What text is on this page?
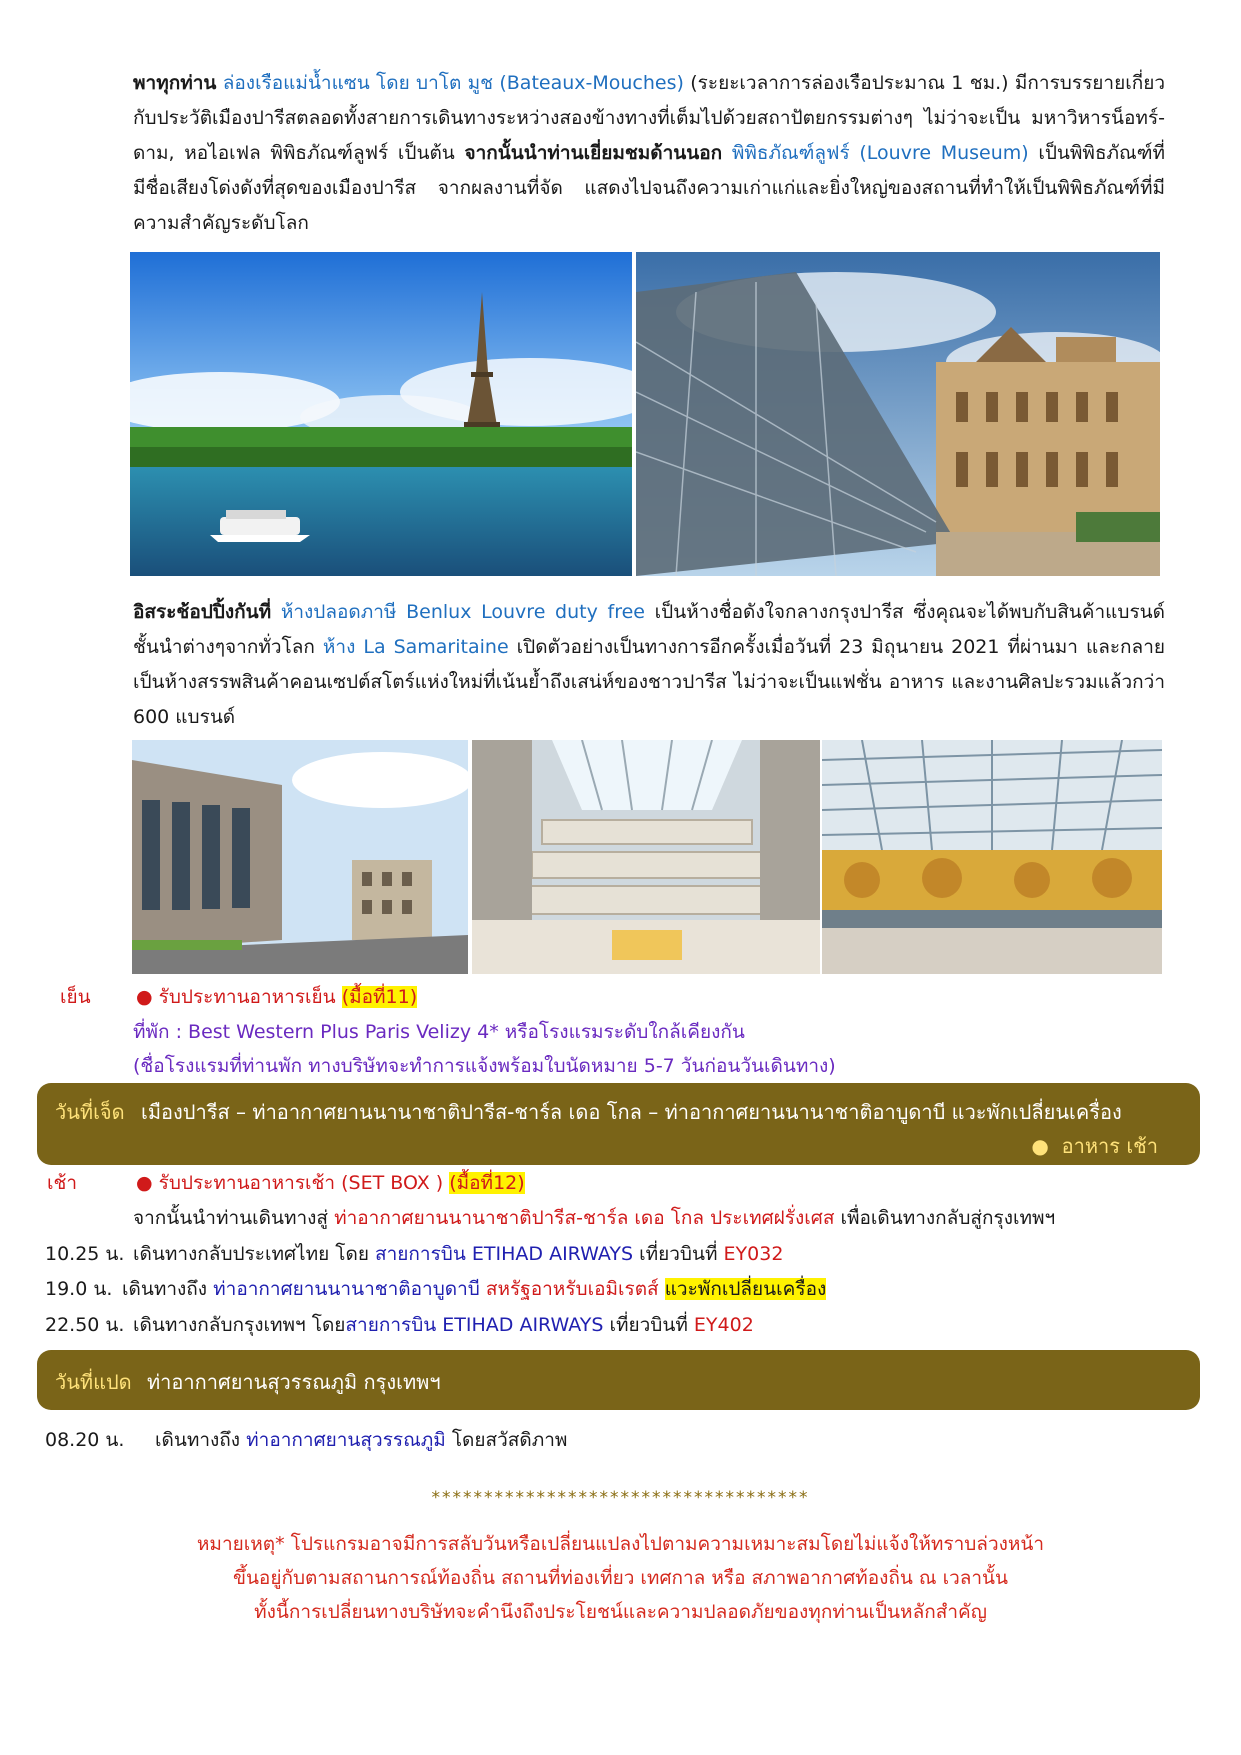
พาทุกท่าน ล่องเรือแม่น้ำแซน โดย บาโต มูช (Bateaux-Mouches) (ระยะเวลาการล่องเรือประมาณ 1 ชม.) มีการบรรยายเกี่ยวกับประวัติเมืองปารีสตลอดทั้งสายการเดินทางระหว่างสองข้างทางที่เต็มไปด้วยสถาปัตยกรรมต่างๆ ไม่ว่าจะเป็น มหาวิหารน็อทร์-ดาม, หอไอเฟล พิพิธภัณฑ์ลูฟร์ เป็นต้น จากนั้นนำท่านเยี่ยมชมด้านนอก พิพิธภัณฑ์ลูฟร์ (Louvre Museum) เป็นพิพิธภัณฑ์ที่มีชื่อเสียงโด่งดังที่สุดของเมืองปารีส จากผลงานที่จัด แสดงไปจนถึงความเก่าแก่และยิ่งใหญ่ของสถานที่ทำให้เป็นพิพิธภัณฑ์ที่มีความสำคัญระดับโลก
อิสระช้อปปิ้งกันที่ ห้างปลอดภาษี Benlux Louvre duty free เป็นห้างชื่อดังใจกลางกรุงปารีส ซึ่งคุณจะได้พบกับสินค้าแบรนด์ชั้นนำต่างๆจากทั่วโลก ห้าง La Samaritaine เปิดตัวอย่างเป็นทางการอีกครั้งเมื่อวันที่ 23 มิถุนายน 2021 ที่ผ่านมา และกลายเป็นห้างสรรพสินค้าคอนเซปต์สโตร์แห่งใหม่ที่เน้นย้ำถึงเสน่ห์ของชาวปารีส ไม่ว่าจะเป็นแฟชั่น อาหาร และงานศิลปะรวมแล้วกว่า 600 แบรนด์
เย็น ● รับประทานอาหารเย็น (มื้อที่11)
ที่พัก : Best Western Plus Paris Velizy 4* หรือโรงแรมระดับใกล้เคียงกัน
(ชื่อโรงแรมที่ท่านพัก ทางบริษัทจะทำการแจ้งพร้อมใบนัดหมาย 5-7 วันก่อนวันเดินทาง)
วันที่เจ็ด เมืองปารีส – ท่าอากาศยานนานาชาติปารีส-ชาร์ล เดอ โกล – ท่าอากาศยานนานาชาติอาบูดาบี แวะพักเปลี่ยนเครื่อง
● อาหาร เช้า
เช้า	● รับประทานอาหารเช้า (SET BOX ) (มื้อที่12)
จากนั้นนำท่านเดินทางสู่ ท่าอากาศยานนานาชาติปารีส-ชาร์ล เดอ โกล ประเทศฝรั่งเศส เพื่อเดินทางกลับสู่กรุงเทพฯ
10.25 น. เดินทางกลับประเทศไทย โดย สายการบิน ETIHAD AIRWAYS เที่ยวบินที่ EY032
19.0 น. เดินทางถึง ท่าอากาศยานนานาชาติอาบูดาบี สหรัฐอาหรับเอมิเรตส์ แวะพักเปลี่ยนเครื่อง
22.50 น. เดินทางกลับกรุงเทพฯ โดยสายการบิน ETIHAD AIRWAYS เที่ยวบินที่ EY402
วันที่แปด ท่าอากาศยานสุวรรณภูมิ กรุงเทพฯ
08.20 น. เดินทางถึง ท่าอากาศยานสุวรรณภูมิ โดยสวัสดิภาพ
************************************
หมายเหตุ* โปรแกรมอาจมีการสลับวันหรือเปลี่ยนแปลงไปตามความเหมาะสมโดยไม่แจ้งให้ทราบล่วงหน้า
ขึ้นอยู่กับตามสถานการณ์ท้องถิ่น สถานที่ท่องเที่ยว เทศกาล หรือ สภาพอากาศท้องถิ่น ณ เวลานั้น
ทั้งนี้การเปลี่ยนทางบริษัทจะคำนึงถึงประโยชน์และความปลอดภัยของทุกท่านเป็นหลักสำคัญ
